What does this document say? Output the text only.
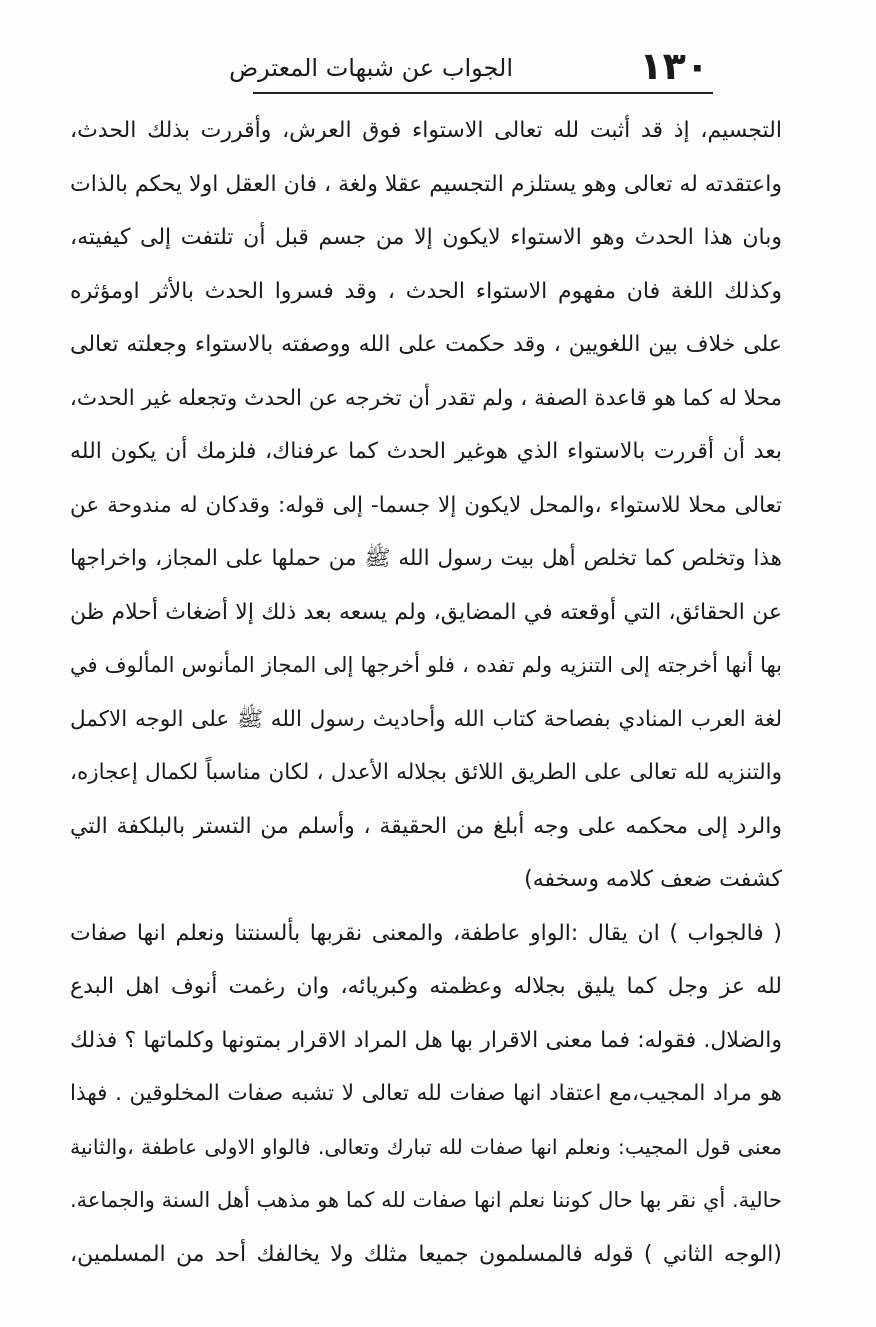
١٣٠
الجواب عن شبهات المعترض
التجسيم، إذ قد أثبت لله تعالى الاستواء فوق العرش، وأقررت بذلك الحدث،
واعتقدته له تعالى وهو يستلزم التجسيم عقلا ولغة ، فان العقل اولا يحكم بالذات
وبان هذا الحدث وهو الاستواء لايكون إلا من جسم قبل أن تلتفت إلى كيفيته،
وكذلك اللغة فان مفهوم الاستواء الحدث ، وقد فسروا الحدث بالأثر اومؤثره
على خلاف بين اللغويين ، وقد حكمت على الله ووصفته بالاستواء وجعلته تعالى
محلا له كما هو قاعدة الصفة ، ولم تقدر أن تخرجه عن الحدث وتجعله غير الحدث،
بعد أن أقررت بالاستواء الذي هوغير الحدث كما عرفناك، فلزمك أن يكون الله
تعالى محلا للاستواء ،والمحل لايكون إلا جسما- إلى قوله: وقدكان له مندوحة عن
هذا وتخلص كما تخلص أهل بيت رسول الله ﷺ من حملها على المجاز، واخراجها
عن الحقائق، التي أوقعته في المضايق، ولم يسعه بعد ذلك إلا أضغاث أحلام ظن
بها أنها أخرجته إلى التنزيه ولم تفده ، فلو أخرجها إلى المجاز المأنوس المألوف في
لغة العرب المنادي بفصاحة كتاب الله وأحاديث رسول الله ﷺ على الوجه الاكمل
والتنزيه لله تعالى على الطريق اللائق بجلاله الأعدل ، لكان مناسباً لكمال إعجازه،
والرد إلى محكمه على وجه أبلغ من الحقيقة ، وأسلم من التستر بالبلكفة التي
كشفت ضعف كلامه وسخفه)
( فالجواب ) ان يقال :الواو عاطفة، والمعنى نقربها بألسنتنا ونعلم انها صفات
لله عز وجل كما يليق بجلاله وعظمته وكبريائه، وان رغمت أنوف اهل البدع
والضلال. فقوله: فما معنى الاقرار بها هل المراد الاقرار بمتونها وكلماتها ؟ فذلك
هو مراد المجيب،مع اعتقاد انها صفات لله تعالى لا تشبه صفات المخلوقين . فهذا
معنى قول المجيب: ونعلم انها صفات لله تبارك وتعالى. فالواو الاولى عاطفة ،والثانية
حالية. أي نقر بها حال كوننا نعلم انها صفات لله كما هو مذهب أهل السنة والجماعة.
(الوجه الثاني ) قوله فالمسلمون جميعا مثلك ولا يخالفك أحد من المسلمين،
